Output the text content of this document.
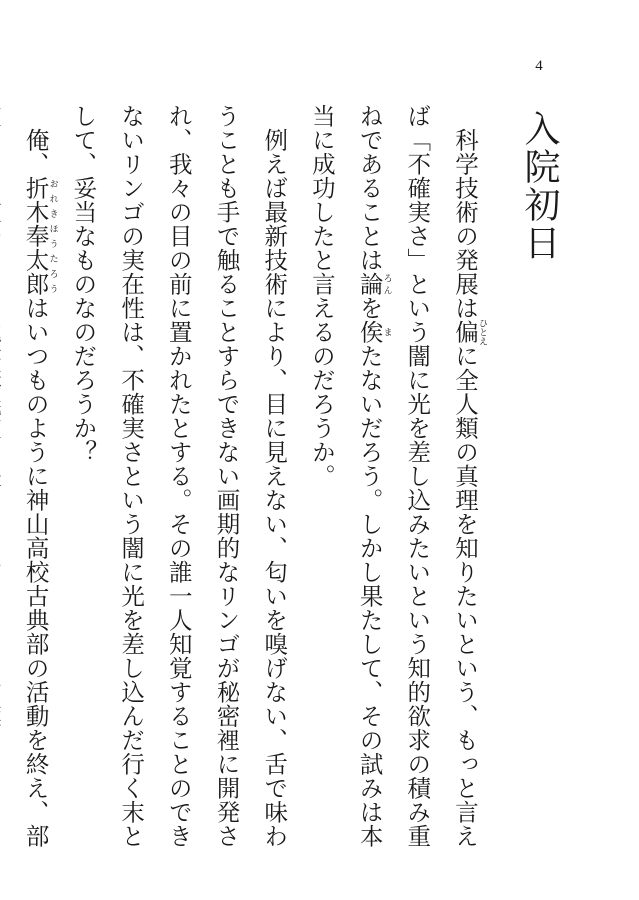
4
入院初日

科学技術の発展は偏ひとえに全人類の真理を知りたいという、もっと言えば「不確実さ」という闇に光を差し込みたいという知的欲求の積み重ねであることは論ろんを俟またないだろう。しかし果たして、その試みは本当に成功したと言えるのだろうか。

例えば最新技術により、目に見えない、匂いを嗅げない、舌で味わうことも手で触ることすらできない画期的なリンゴが秘密裡に開発され、我々の目の前に置かれたとする。その誰一人知覚することのできないリンゴの実在性は、不確実さという闇に光を差し込んだ行く末として、妥当なものなのだろうか？

俺、折木奉太郎おれきほうたろうはいつものように神山高校古典部の活動を終え、部
